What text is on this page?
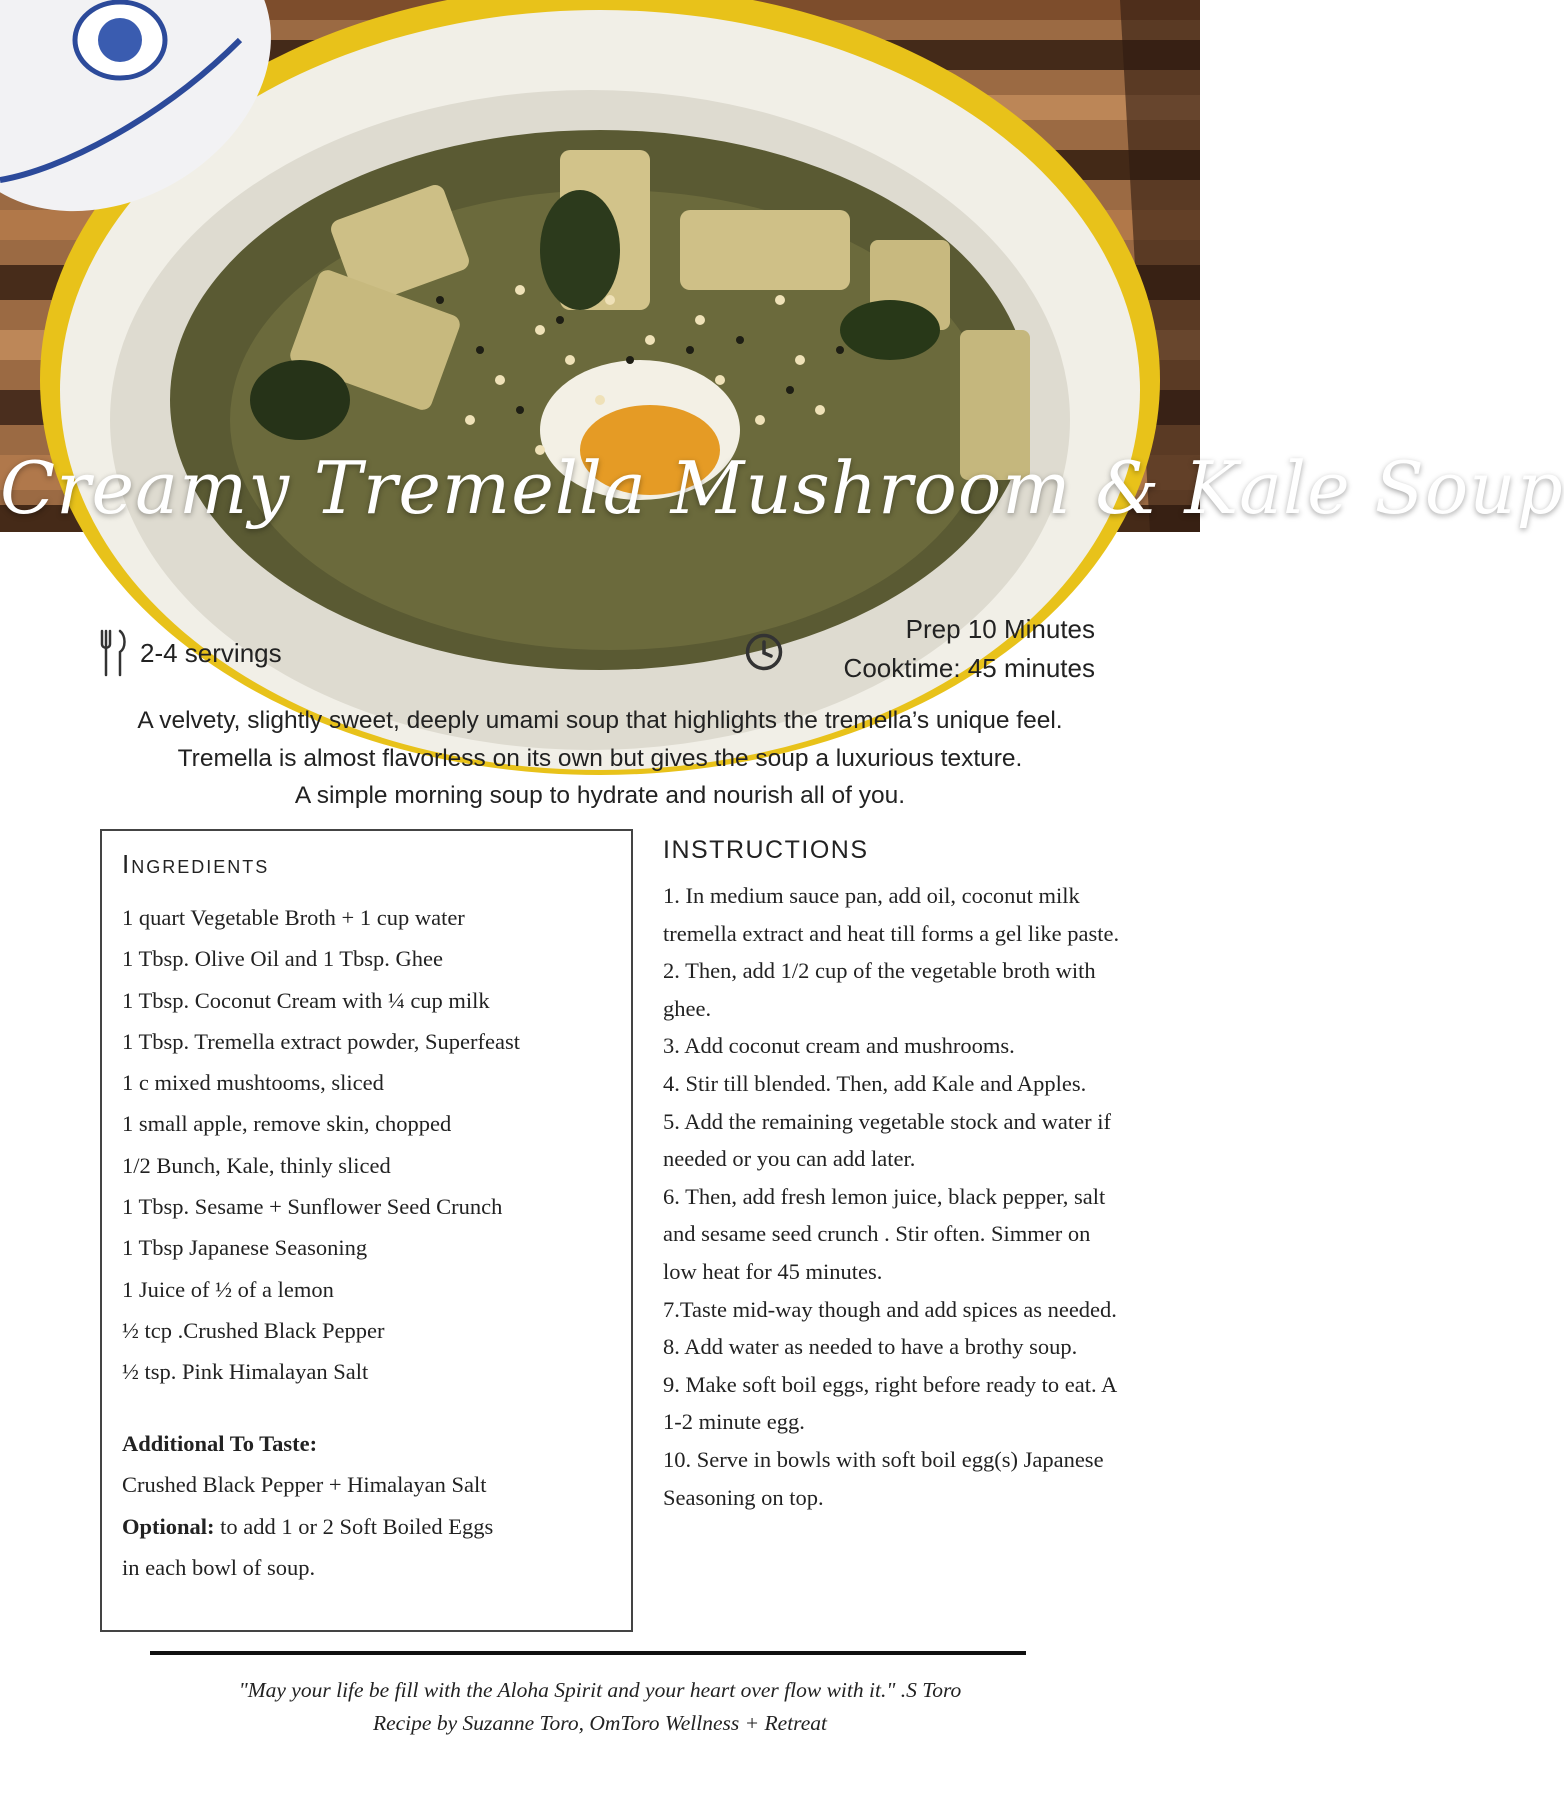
Creamy Tremella Mushroom & Kale Soup
2-4 servings
Prep 10 Minutes
Cooktime: 45 minutes
A velvety, slightly sweet, deeply umami soup that highlights the tremella’s unique feel.
Tremella is almost flavorless on its own but gives the soup a luxurious texture.
A simple morning soup to hydrate and nourish all of you.
Ingredients
1 quart Vegetable Broth + 1 cup water
1 Tbsp. Olive Oil and 1 Tbsp. Ghee
1 Tbsp. Coconut Cream with ¼ cup milk
1 Tbsp. Tremella extract powder, Superfeast
1 c mixed mushtooms, sliced
1 small apple, remove skin, chopped
1/2 Bunch, Kale, thinly sliced
1 Tbsp. Sesame + Sunflower Seed Crunch
1 Tbsp Japanese Seasoning
1 Juice of ½ of a lemon
½ tcp .Crushed Black Pepper
½ tsp. Pink Himalayan Salt
Additional To Taste:
Crushed Black Pepper + Himalayan Salt
Optional: to add 1 or 2 Soft Boiled Eggs
in each bowl of soup.
INSTRUCTIONS
1. In medium sauce pan, add oil, coconut milk
tremella extract and heat till forms a gel like paste.
2. Then, add 1/2 cup of the vegetable broth with
ghee.
3. Add coconut cream and mushrooms.
4. Stir till blended. Then, add Kale and Apples.
5. Add the remaining vegetable stock and water if
needed or you can add later.
6. Then, add fresh lemon juice, black pepper, salt
and sesame seed crunch . Stir often. Simmer on
low heat for 45 minutes.
7.Taste mid-way though and add spices as needed.
8. Add water as needed to have a brothy soup.
9. Make soft boil eggs, right before ready to eat. A
1-2 minute egg.
10. Serve in bowls with soft boil egg(s) Japanese
Seasoning on top.
"May your life be fill with the Aloha Spirit and your heart over flow with it." .S Toro
Recipe by Suzanne Toro, OmToro Wellness + Retreat
